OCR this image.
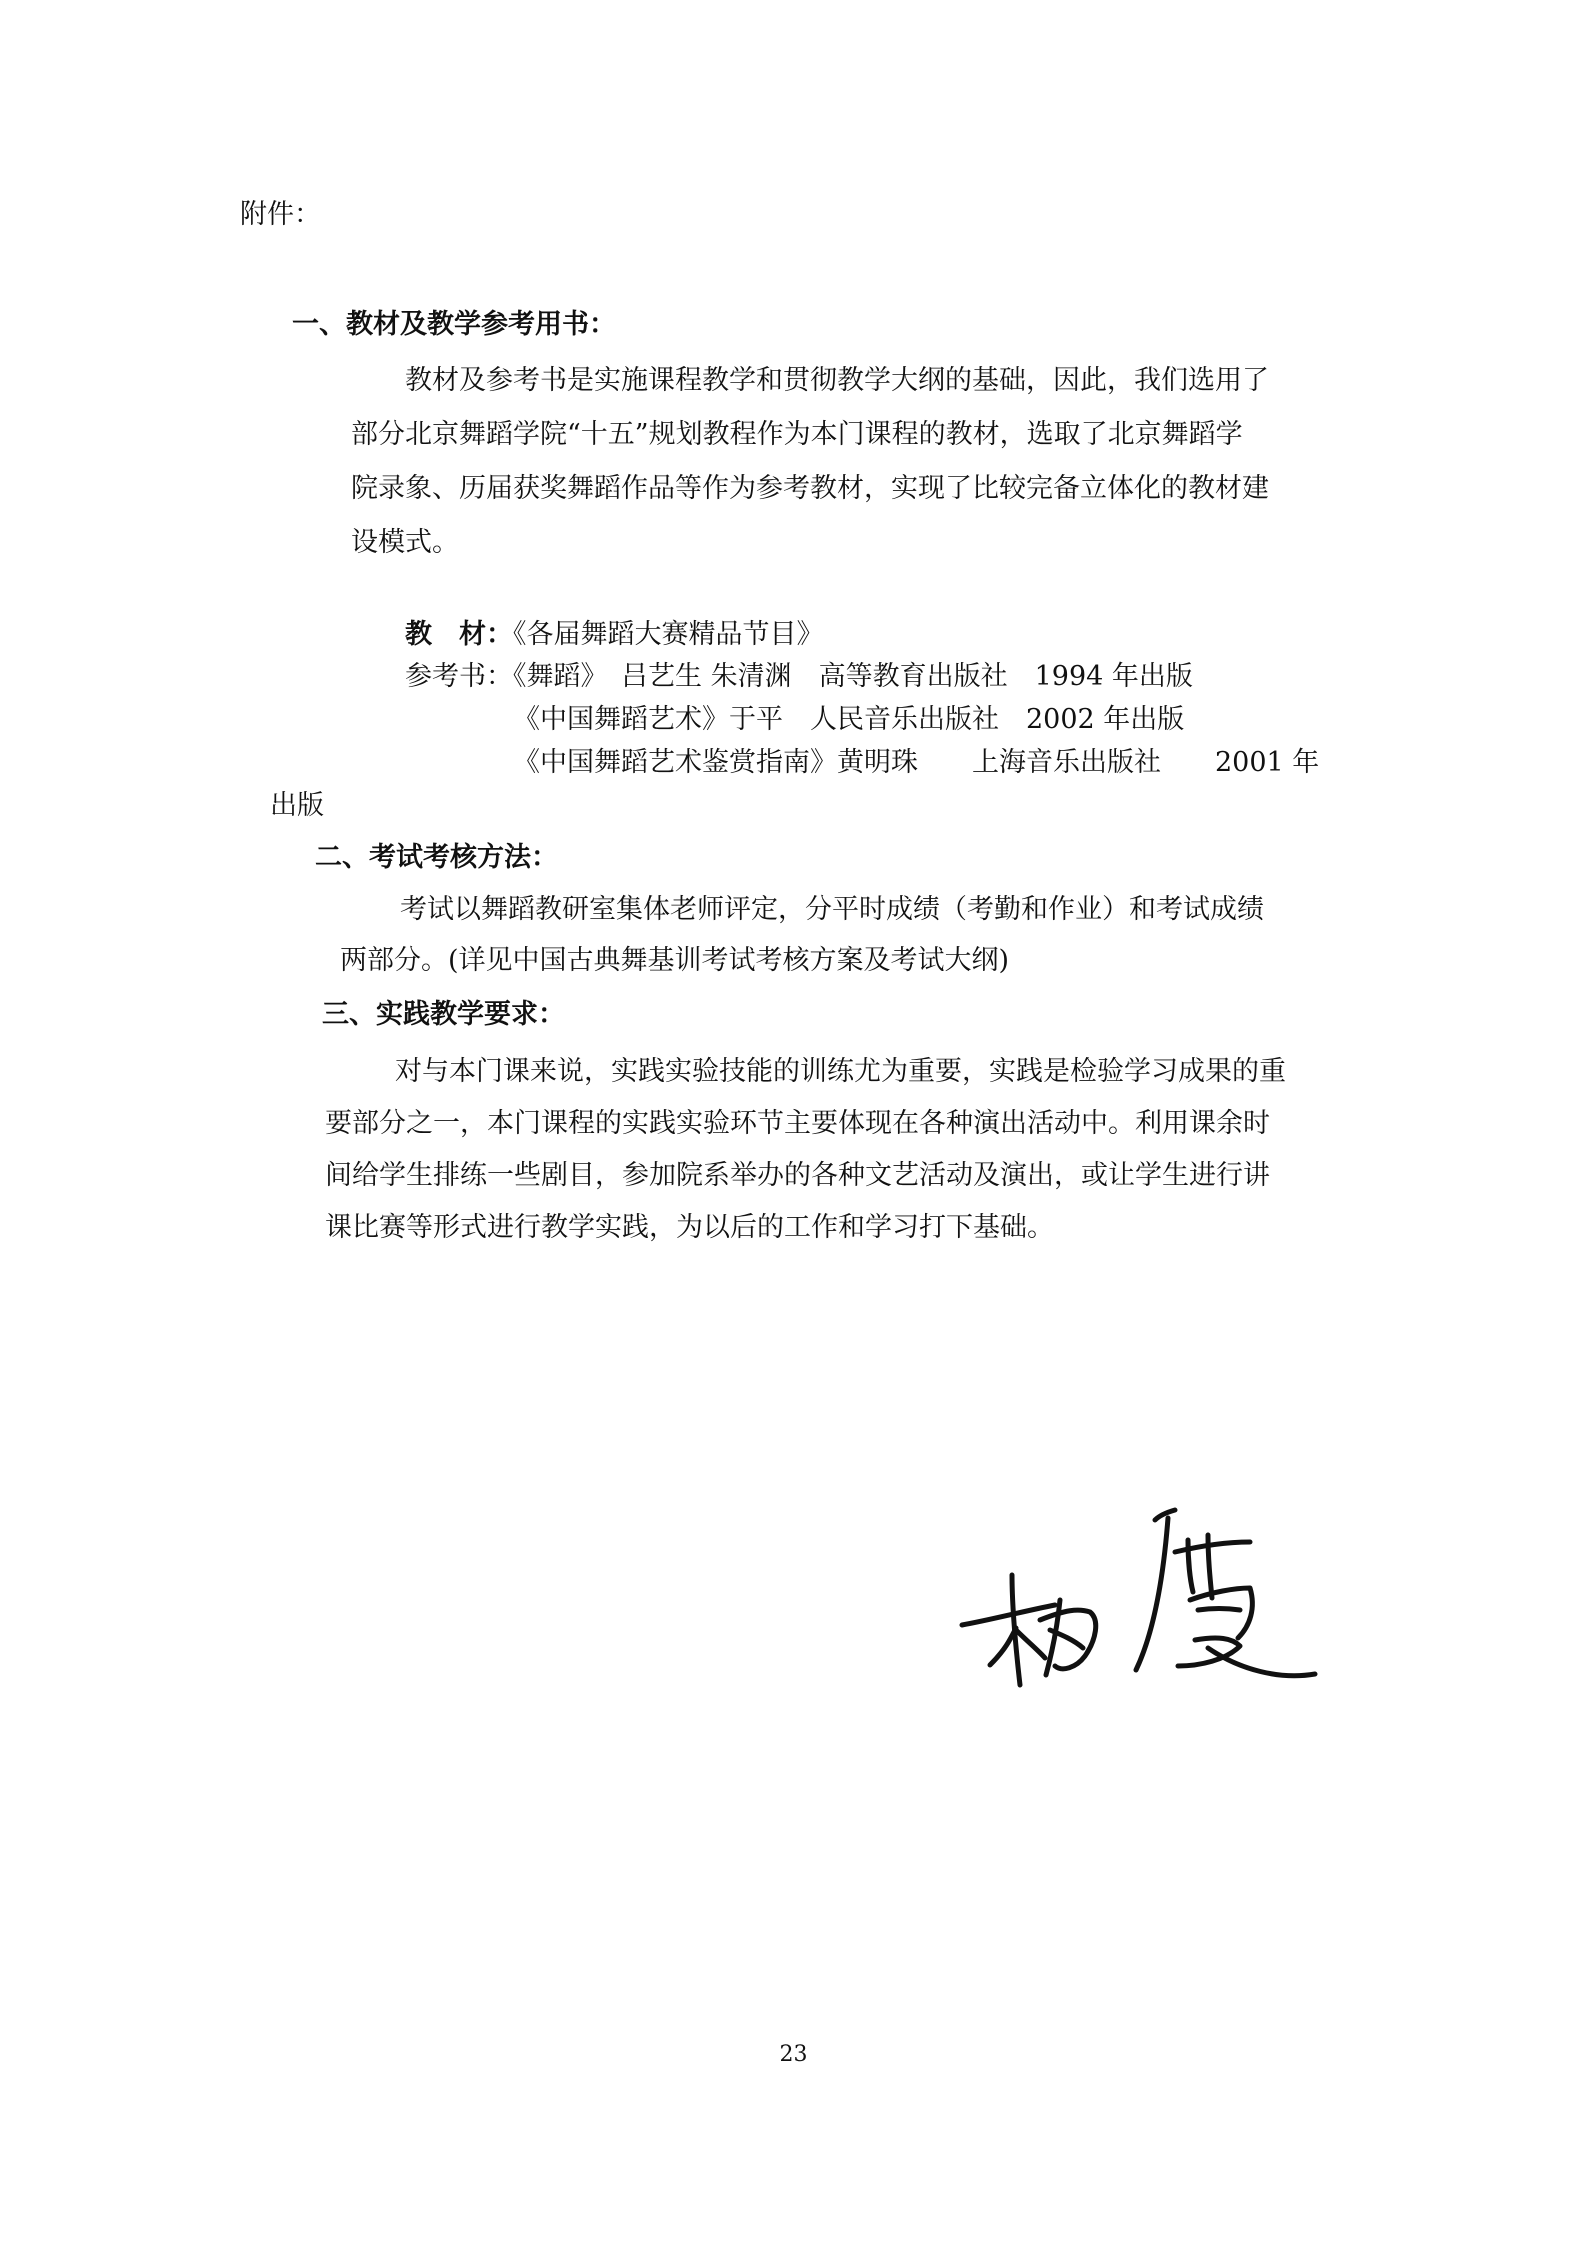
附件：
一、教材及教学参考用书：
教材及参考书是实施课程教学和贯彻教学大纲的基础，因此，我们选用了
部分北京舞蹈学院“十五”规划教程作为本门课程的教材，选取了北京舞蹈学
院录象、历届获奖舞蹈作品等作为参考教材，实现了比较完备立体化的教材建
设模式。
教　材：《各届舞蹈大赛精品节目》
参考书：《舞蹈》　吕艺生 朱清渊　高等教育出版社　1994 年出版
《中国舞蹈艺术》于平　人民音乐出版社　2002 年出版
《中国舞蹈艺术鉴赏指南》黄明珠　　上海音乐出版社　　2001 年
出版
二、考试考核方法：
考试以舞蹈教研室集体老师评定，分平时成绩（考勤和作业）和考试成绩
两部分。(详见中国古典舞基训考试考核方案及考试大纲)
三、实践教学要求：
对与本门课来说，实践实验技能的训练尤为重要，实践是检验学习成果的重
要部分之一，本门课程的实践实验环节主要体现在各种演出活动中。利用课余时
间给学生排练一些剧目，参加院系举办的各种文艺活动及演出，或让学生进行讲
课比赛等形式进行教学实践，为以后的工作和学习打下基础。
23
